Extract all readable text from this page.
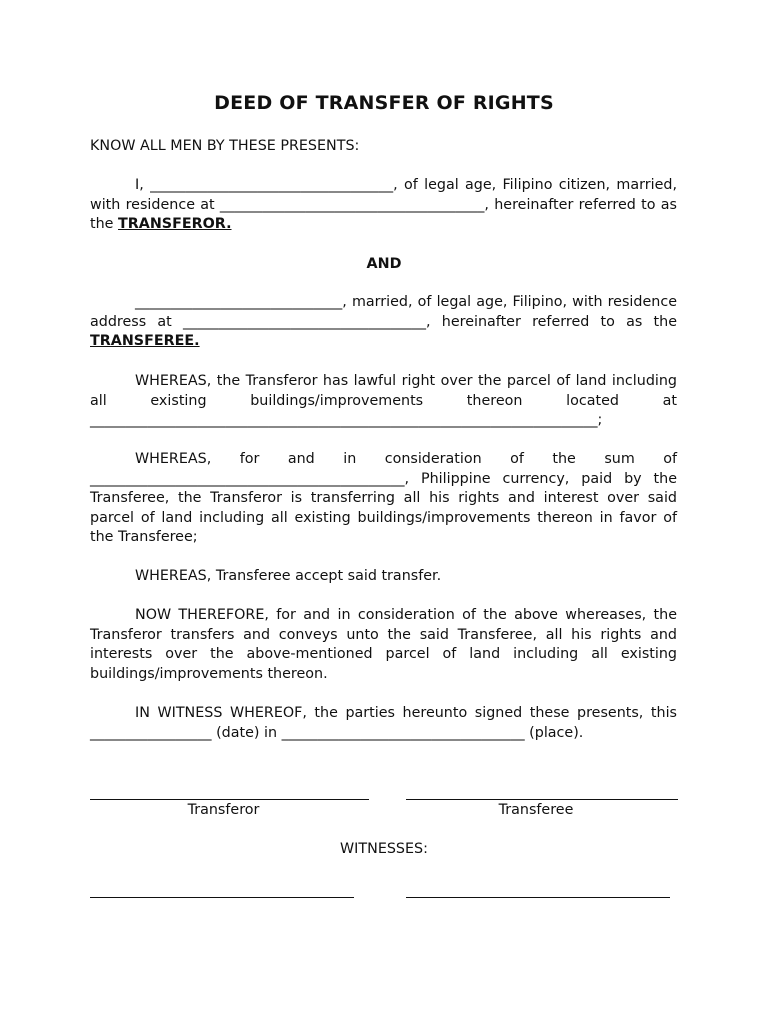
DEED OF TRANSFER OF RIGHTS
KNOW ALL MEN BY THESE PRESENTS:
I, __________________________________, of legal age, Filipino citizen, married, with residence at _____________________________________, hereinafter referred to as the TRANSFEROR.
AND
_____________________________, married, of legal age, Filipino, with residence address at __________________________________, hereinafter referred to as the TRANSFEREE.
WHEREAS, the Transferor has lawful right over the parcel of land including all existing buildings/improvements thereon located at _______________________________________________________________________;
WHEREAS, for and in consideration of the sum of ____________________________________________, Philippine currency, paid by the Transferee, the Transferor is transferring all his rights and interest over said parcel of land including all existing buildings/improvements thereon in favor of the Transferee;
WHEREAS, Transferee accept said transfer.
NOW THEREFORE, for and in consideration of the above whereases, the Transferor transfers and conveys unto the said Transferee, all his rights and interests over the above-mentioned parcel of land including all existing buildings/improvements thereon.
IN WITNESS WHEREOF, the parties hereunto signed these presents, this _________________ (date) in __________________________________ (place).
Transferor	Transferee
WITNESSES:
